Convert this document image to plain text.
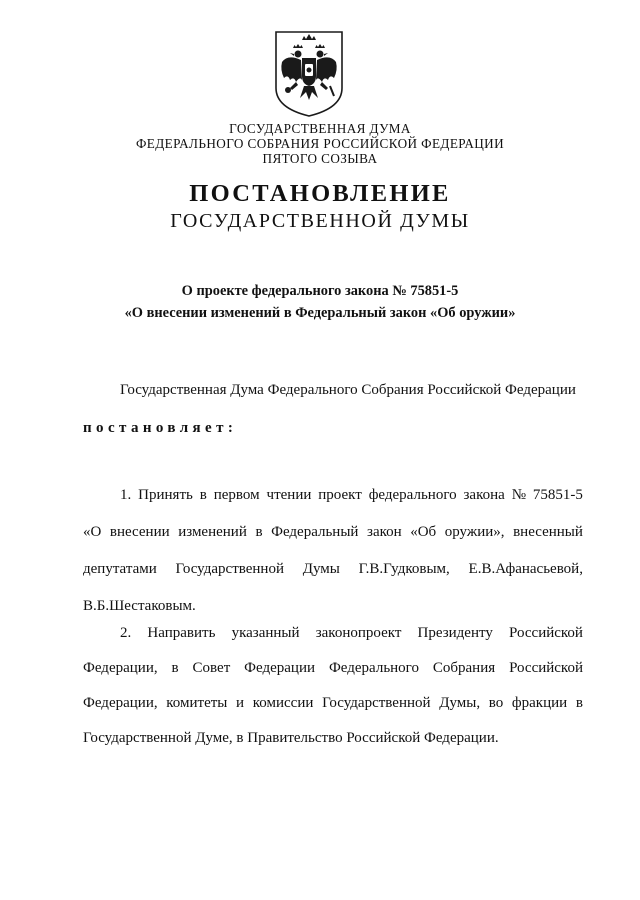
ГОСУДАРСТВЕННАЯ ДУМА
ФЕДЕРАЛЬНОГО СОБРАНИЯ РОССИЙСКОЙ ФЕДЕРАЦИИ
ПЯТОГО СОЗЫВА
ПОСТАНОВЛЕНИЕ
ГОСУДАРСТВЕННОЙ ДУМЫ
О проекте федерального закона № 75851-5
«О внесении изменений в Федеральный закон «Об оружии»
Государственная Дума Федерального Собрания Российской Федерации
постановляет:
1. Принять в первом чтении проект федерального закона № 75851-5
«О внесении изменений в Федеральный закон «Об оружии», внесенный
депутатами Государственной Думы Г.В.Гудковым, Е.В.Афанасьевой,
В.Б.Шестаковым.
2. Направить указанный законопроект Президенту Российской
Федерации, в Совет Федерации Федерального Собрания Российской
Федерации, комитеты и комиссии Государственной Думы, во фракции в
Государственной Думе, в Правительство Российской Федерации.
